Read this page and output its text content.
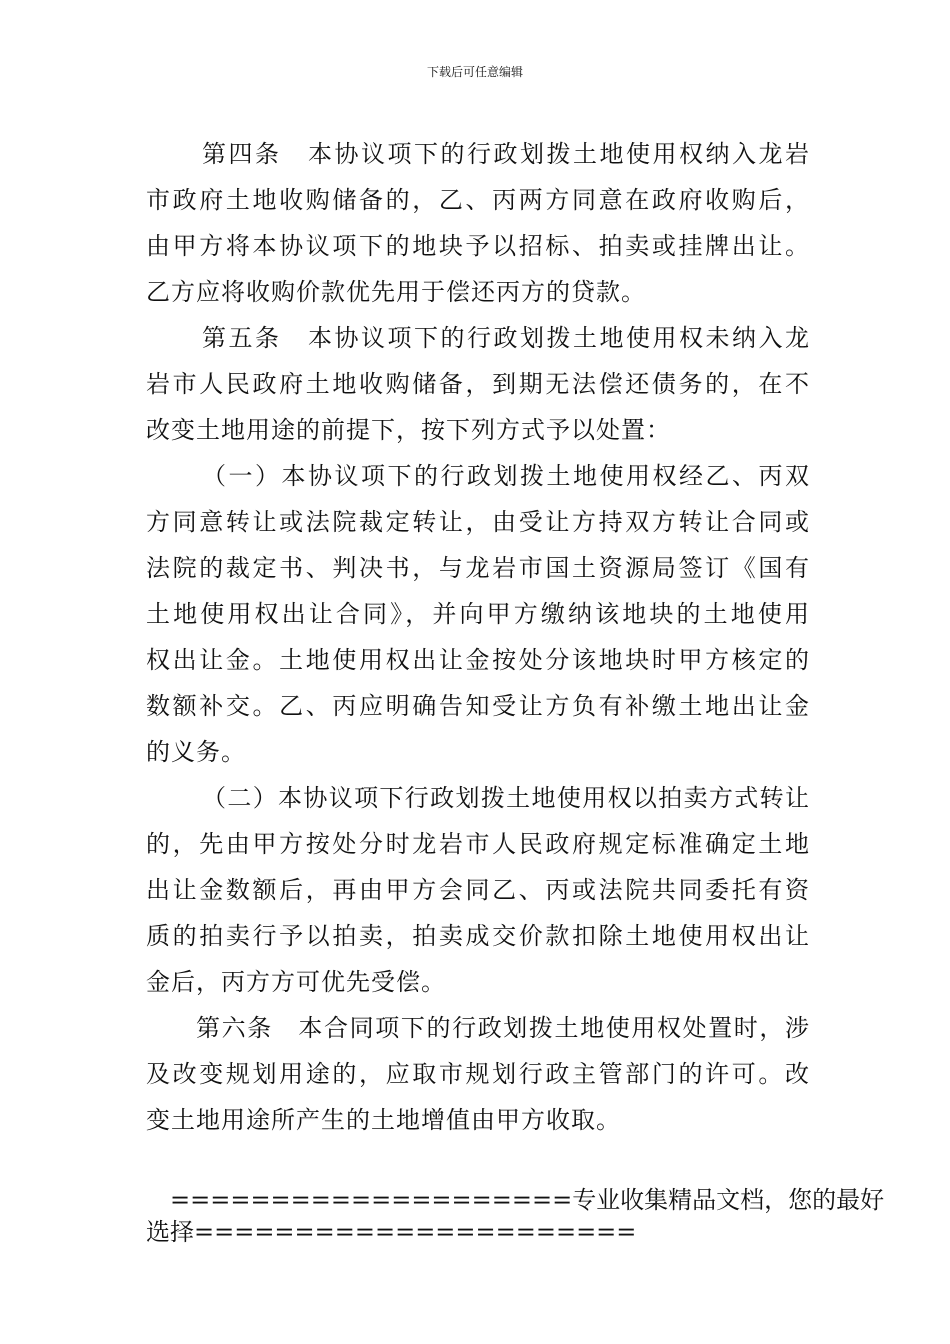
下载后可任意编辑
第四条　本协议项下的行政划拨土地使用权纳入龙岩
市政府土地收购储备的，乙、丙两方同意在政府收购后，
由甲方将本协议项下的地块予以招标、拍卖或挂牌出让。
乙方应将收购价款优先用于偿还丙方的贷款。
第五条　本协议项下的行政划拨土地使用权未纳入龙
岩市人民政府土地收购储备，到期无法偿还债务的，在不
改变土地用途的前提下，按下列方式予以处置：
（一）本协议项下的行政划拨土地使用权经乙、丙双
方同意转让或法院裁定转让，由受让方持双方转让合同或
法院的裁定书、判决书，与龙岩市国土资源局签订《国有
土地使用权出让合同》，并向甲方缴纳该地块的土地使用
权出让金。土地使用权出让金按处分该地块时甲方核定的
数额补交。乙、丙应明确告知受让方负有补缴土地出让金
的义务。
（二）本协议项下行政划拨土地使用权以拍卖方式转让
的，先由甲方按处分时龙岩市人民政府规定标准确定土地
出让金数额后，再由甲方会同乙、丙或法院共同委托有资
质的拍卖行予以拍卖，拍卖成交价款扣除土地使用权出让
金后，丙方方可优先受偿。
第六条　本合同项下的行政划拨土地使用权处置时，涉
及改变规划用途的，应取市规划行政主管部门的许可。改
变土地用途所产生的土地增值由甲方收取。
====================专业收集精品文档，您的最好
选择======================
